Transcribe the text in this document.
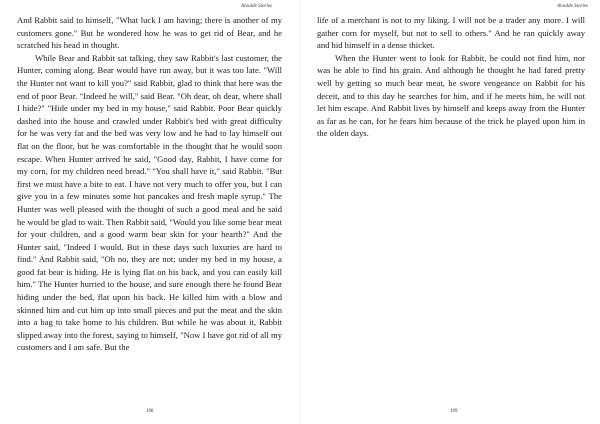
Aroulde Stories

And Rabbit said to himself, "What luck I am having; there is another of my customers gone." But he wondered how he was to get rid of Bear, and he scratched his head in thought.

While Bear and Rabbit sat talking, they saw Rabbit's last customer, the Hunter, coming along. Bear would have run away, but it was too late. "Will the Hunter not want to kill you?" said Rabbit, glad to think that here was the end of poor Bear. "Indeed he will," said Bear. "Oh dear, oh dear, where shall I hide?" "Hide under my bed in my house," said Rabbit. Poor Bear quickly dashed into the house and crawled under Rabbit's bed with great difficulty for he was very fat and the bed was very low and he had to lay himself out flat on the floor, but he was comfortable in the thought that he would soon escape. When Hunter arrived he said, "Good day, Rabbit, I have come for my corn, for my children need bread." "You shall have it," said Rabbit. "But first we must have a bite to eat. I have not very much to offer you, but I can give you in a few minutes some hot pancakes and fresh maple syrup." The Hunter was well pleased with the thought of such a good meal and he said he would be glad to wait. Then Rabbit said, "Would you like some bear meat for your children, and a good warm bear skin for your hearth?" And the Hunter said, "Indeed I would. But in these days such luxuries are hard to find." And Rabbit said, "Oh no, they are not; under my bed in my house, a good fat bear is hiding. He is lying flat on his back, and you can easily kill him." The Hunter hurried to the house, and sure enough there he found Bear hiding under the bed, flat upon his back. He killed him with a blow and skinned him and cut him up into small pieces and put the meat and the skin into a bag to take home to his children. But while he was about it, Rabbit slipped away into the forest, saying to himself, "Now I have got rid of all my customers and I am safe. But the

108
Aroulde Stories

life of a merchant is not to my liking. I will not be a trader any more. I will gather corn for myself, but not to sell to others." And he ran quickly away and hid himself in a dense thicket.

When the Hunter went to look for Rabbit, he could not find him, nor was he able to find his grain. And although he thought he had fared pretty well by getting so much bear meat, he swore vengeance on Rabbit for his deceit, and to this day he searches for him, and if he meets him, he will not let him escape. And Rabbit lives by himself and keeps away from the Hunter as far as he can, for he fears him because of the trick he played upon him in the olden days.

109
